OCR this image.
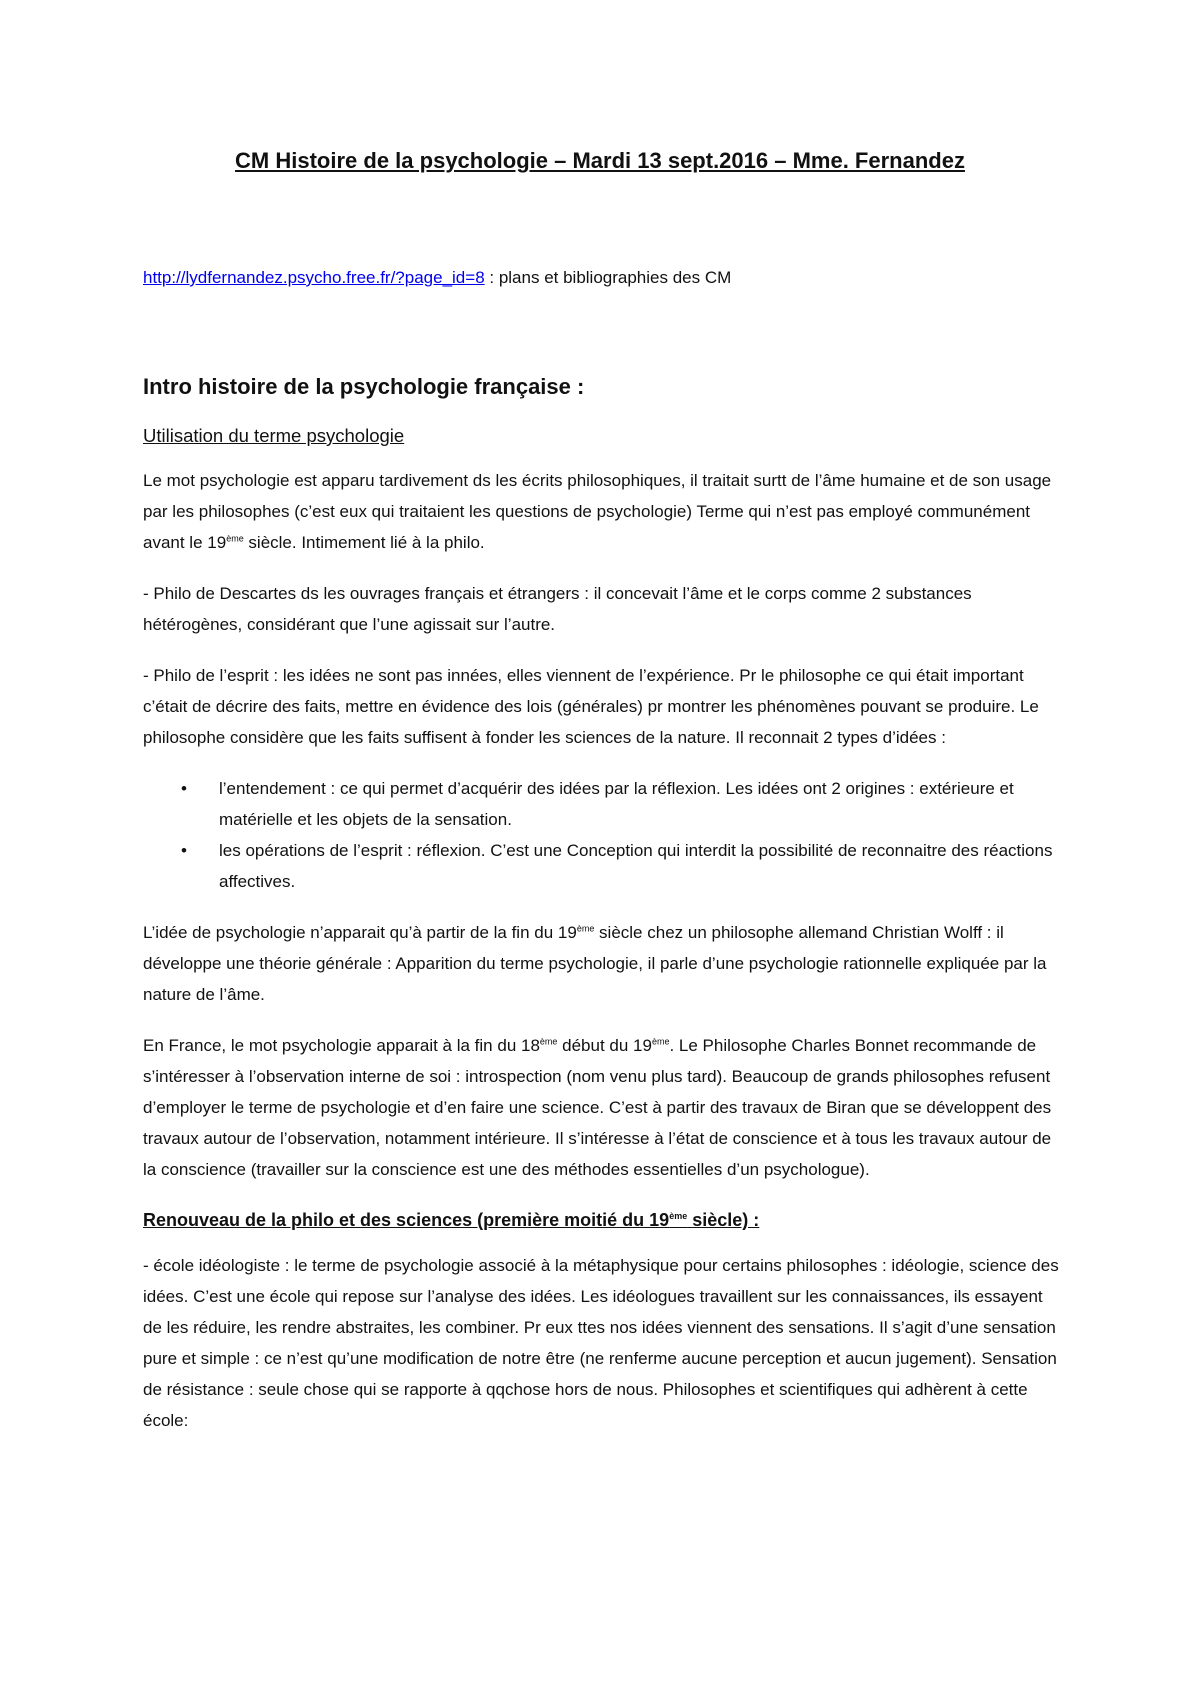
CM Histoire de la psychologie – Mardi 13 sept.2016 – Mme. Fernandez

http://lydfernandez.psycho.free.fr/?page_id=8 : plans et bibliographies des CM

Intro histoire de la psychologie française :
Utilisation du terme psychologie

Le mot psychologie est apparu tardivement ds les écrits philosophiques, il traitait surtt de l’âme humaine et de son usage par les philosophes (c’est eux qui traitaient les questions de psychologie) Terme qui n’est pas employé communément avant le 19ème siècle. Intimement lié à la philo.

- Philo de Descartes ds les ouvrages français et étrangers : il concevait l’âme et le corps comme 2 substances hétérogènes, considérant que l’une agissait sur l’autre.

- Philo de l’esprit : les idées ne sont pas innées, elles viennent de l’expérience. Pr le philosophe ce qui était important c’était de décrire des faits, mettre en évidence des lois (générales) pr montrer les phénomènes pouvant se produire. Le philosophe considère que les faits suffisent à fonder les sciences de la nature. Il reconnait 2 types d’idées :

• l’entendement : ce qui permet d’acquérir des idées par la réflexion. Les idées ont 2 origines : extérieure et matérielle et les objets de la sensation.
• les opérations de l’esprit : réflexion. C’est une Conception qui interdit la possibilité de reconnaitre des réactions affectives.

L’idée de psychologie n’apparait qu’à partir de la fin du 19ème siècle chez un philosophe allemand Christian Wolff : il développe une théorie générale : Apparition du terme psychologie, il parle d’une psychologie rationnelle expliquée par la nature de l’âme.

En France, le mot psychologie apparait à la fin du 18ème début du 19ème. Le Philosophe Charles Bonnet recommande de s’intéresser à l’observation interne de soi : introspection (nom venu plus tard). Beaucoup de grands philosophes refusent d’employer le terme de psychologie et d’en faire une science. C’est à partir des travaux de Biran que se développent des travaux autour de l’observation, notamment intérieure. Il s’intéresse à l’état de conscience et à tous les travaux autour de la conscience (travailler sur la conscience est une des méthodes essentielles d’un psychologue).

Renouveau de la philo et des sciences (première moitié du 19ème siècle) :

- école idéologiste : le terme de psychologie associé à la métaphysique pour certains philosophes : idéologie, science des idées. C’est une école qui repose sur l’analyse des idées. Les idéologues travaillent sur les connaissances, ils essayent de les réduire, les rendre abstraites, les combiner. Pr eux ttes nos idées viennent des sensations. Il s’agit d’une sensation pure et simple : ce n’est qu’une modification de notre être (ne renferme aucune perception et aucun jugement). Sensation de résistance : seule chose qui se rapporte à qqchose hors de nous. Philosophes et scientifiques qui adhèrent à cette école:
